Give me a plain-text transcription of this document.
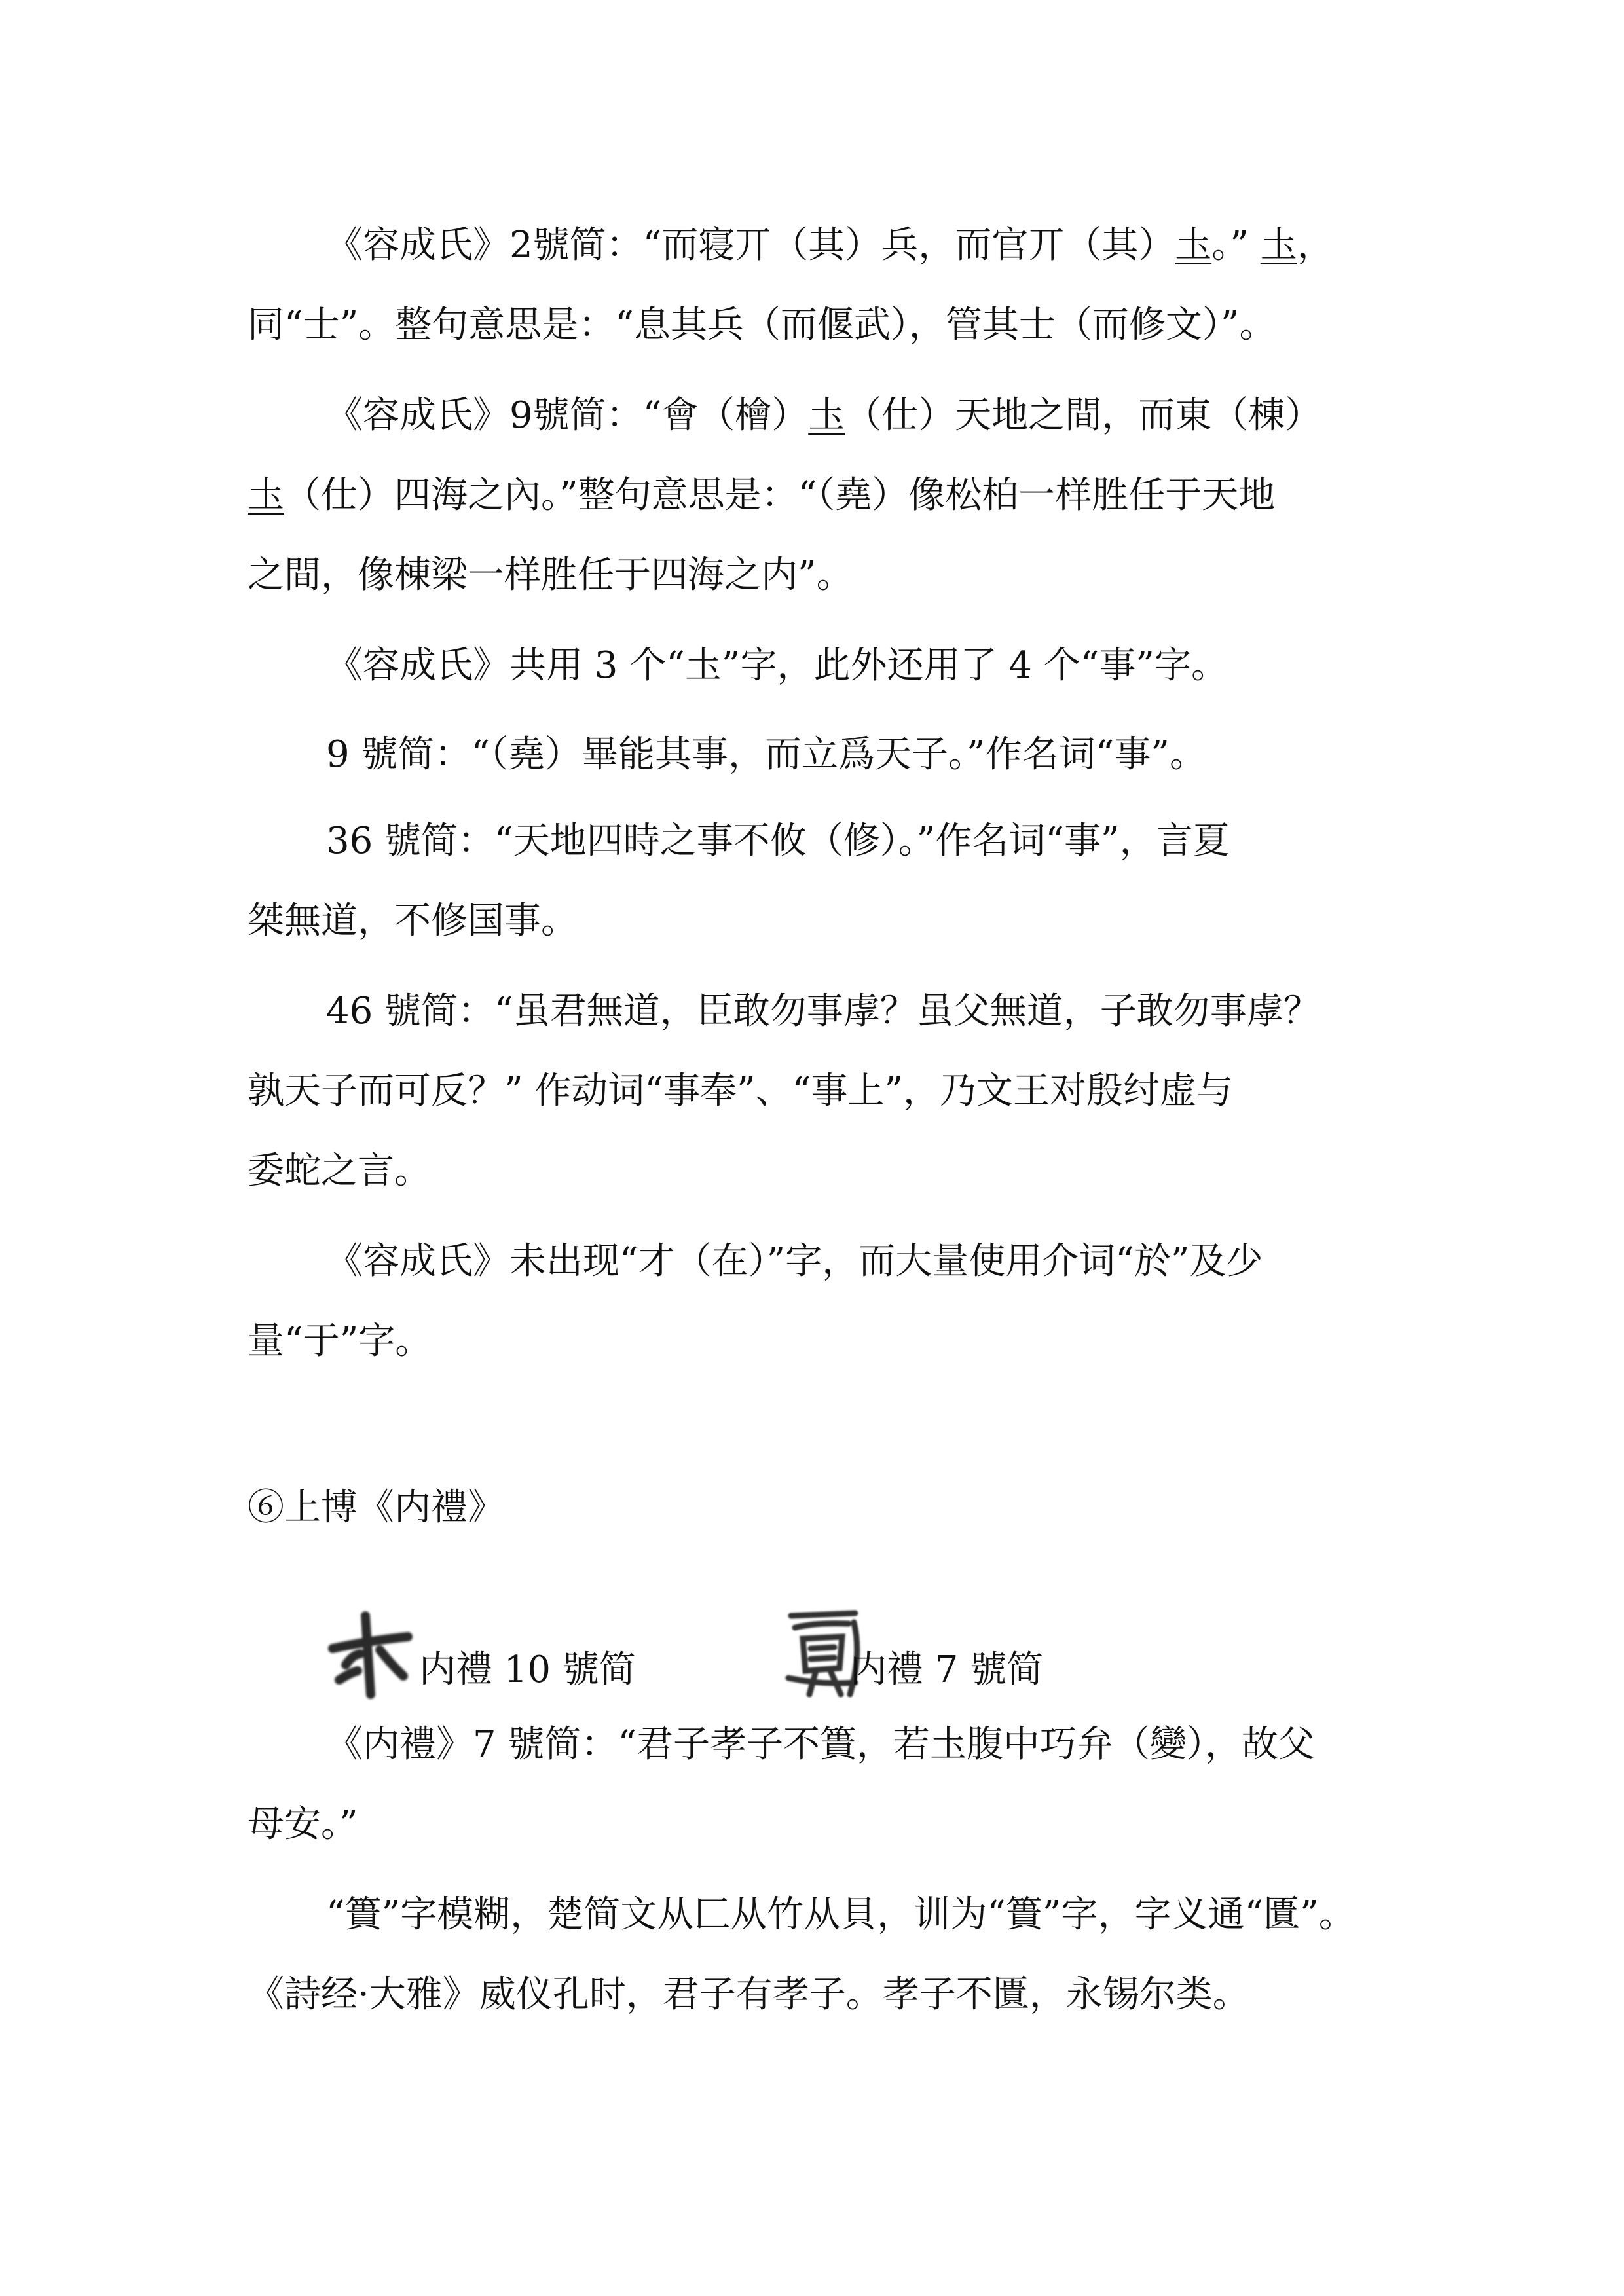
《容成氏》2號简：“而寝丌（其）兵，而官丌（其）圡。” 圡，
同“士”。整句意思是：“息其兵（而偃武），管其士（而修文）”。
《容成氏》9號简：“會（檜）圡（仕）天地之間，而東（棟）
圡（仕）四海之內。”整句意思是：“（堯）像松柏一样胜任于天地
之間，像棟梁一样胜任于四海之内”。
《容成氏》共用 3 个“圡”字，此外还用了 4 个“事”字。
9 號简：“（堯）畢能其事，而立爲天子。”作名词“事”。
36 號简：“天地四時之事不攸（修）。”作名词“事”，言夏
桀無道，不修国事。
46 號简：“虽君無道，臣敢勿事虖？虽父無道，子敢勿事虖？
孰天子而可反？” 作动词“事奉”、“事上”，乃文王对殷纣虚与
委蛇之言。
《容成氏》未出现“才（在）”字，而大量使用介词“於”及少
量“于”字。
⑥上博《内禮》
内禮 10 號简	内禮 7 號简
《内禮》7 號简：“君子孝子不簣，若圡腹中巧弁（變），故父
母安。”
“簣”字模糊，楚简文从匚从竹从貝，训为“簣”字，字义通“匱”。
《詩经·大雅》威仪孔时，君子有孝子。孝子不匱，永锡尔类。
